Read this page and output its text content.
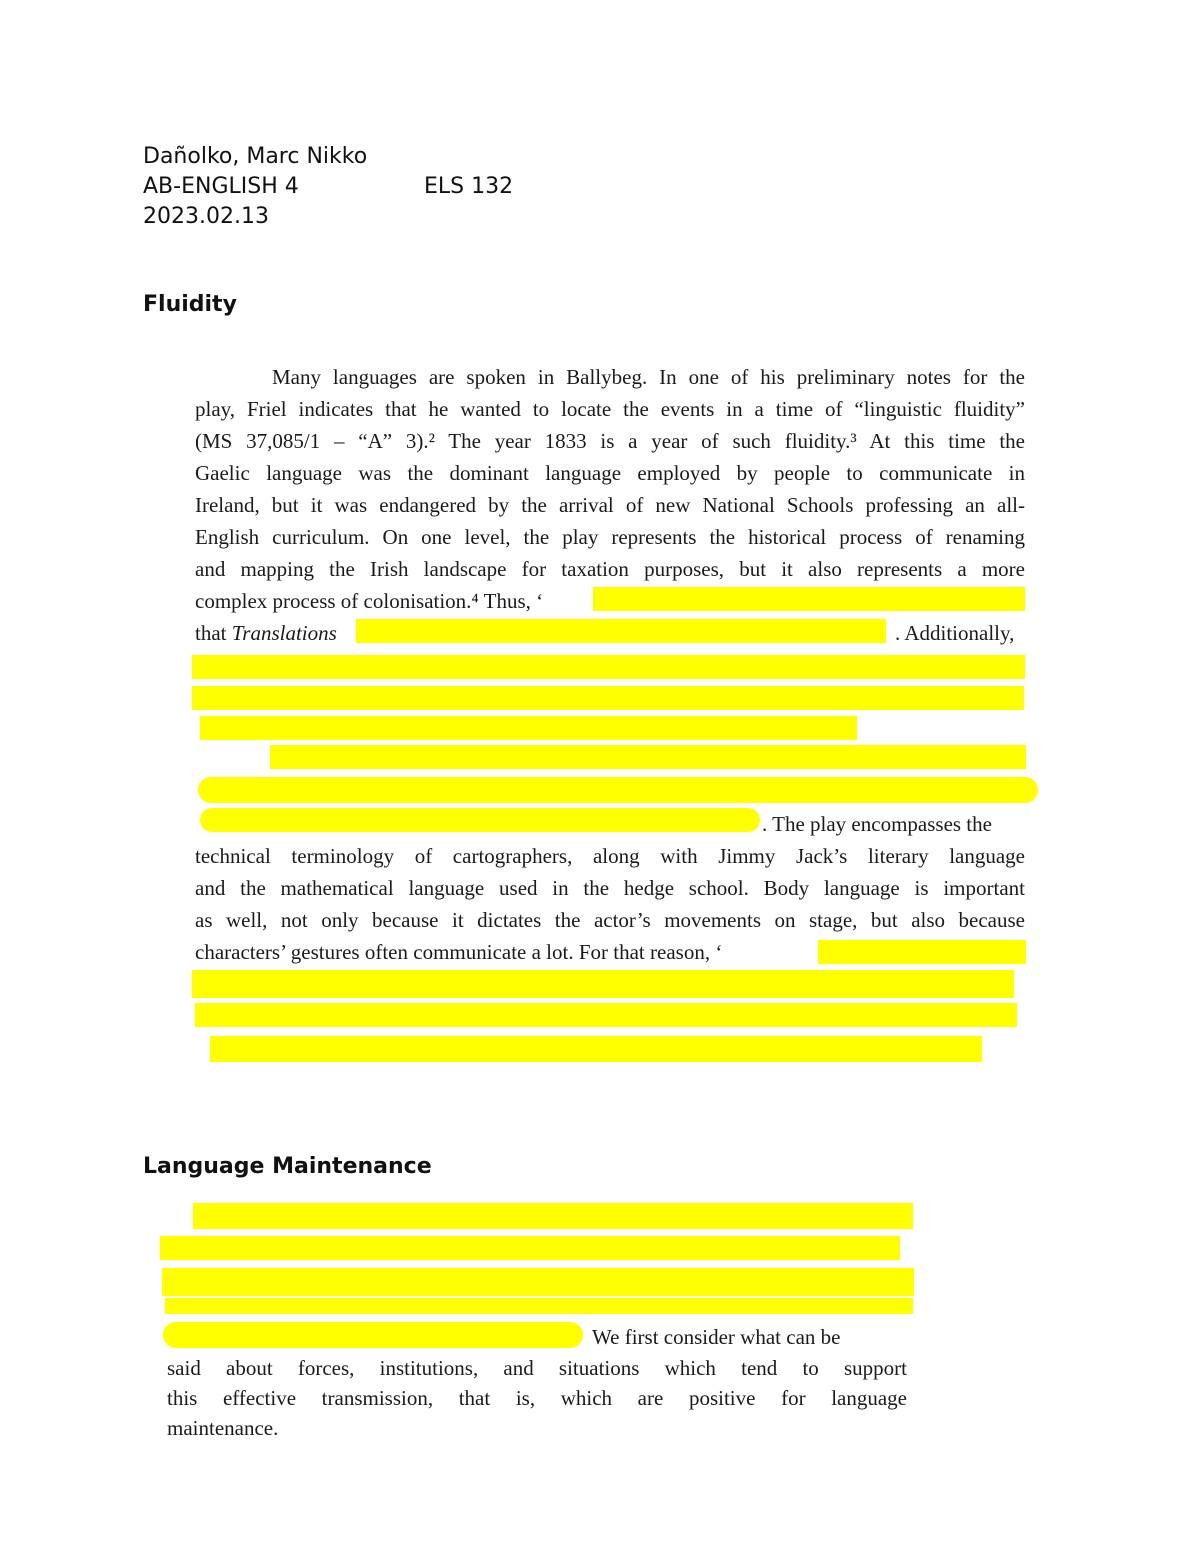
Dañolko, Marc Nikko
AB-ENGLISH 4	ELS 132
2023.02.13
Fluidity
Many languages are spoken in Ballybeg. In one of his preliminary notes for the
play, Friel indicates that he wanted to locate the events in a time of “linguistic fluidity”
(MS 37,085/1 – “A” 3).² The year 1833 is a year of such fluidity.³ At this time the
Gaelic language was the dominant language employed by people to communicate in
Ireland, but it was endangered by the arrival of new National Schools professing an all-
English curriculum. On one level, the play represents the historical process of renaming
and mapping the Irish landscape for taxation purposes, but it also represents a more
complex process of colonisation.⁴ Thus, ‘
that Translations	. Additionally,
. The play encompasses the
technical terminology of cartographers, along with Jimmy Jack’s literary language
and the mathematical language used in the hedge school. Body language is important
as well, not only because it dictates the actor’s movements on stage, but also because
characters’ gestures often communicate a lot. For that reason, ‘
Language Maintenance
We first consider what can be
said about forces, institutions, and situations which tend to support
this effective transmission, that is, which are positive for language
maintenance.
